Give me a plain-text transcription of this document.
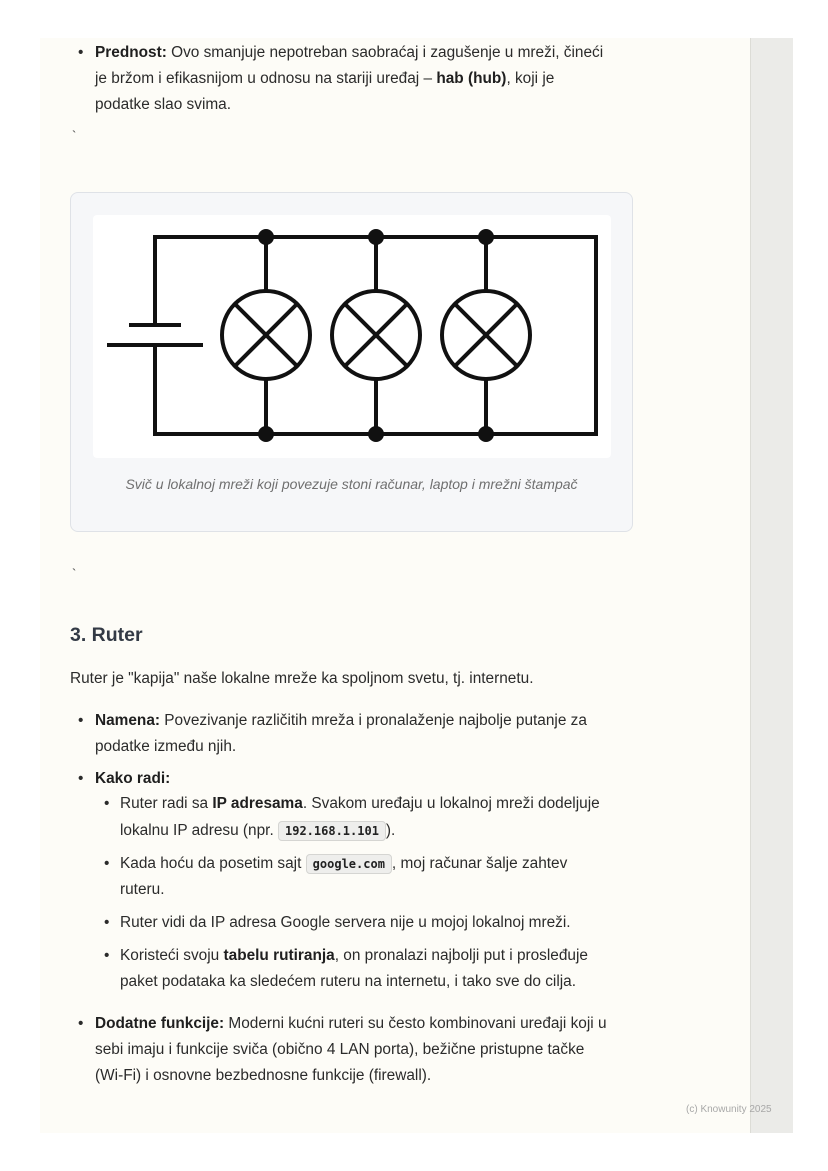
• Prednost: Ovo smanjuje nepotreban saobraćaj i zagušenje u mreži, čineći
je bržom i efikasnijom u odnosu na stariji uređaj – hab (hub), koji je
podatke slao svima.
`
Svič u lokalnoj mreži koji povezuje stoni računar, laptop i mrežni štampač
`
3. Ruter
Ruter je "kapija" naše lokalne mreže ka spoljnom svetu, tj. internetu.
• Namena: Povezivanje različitih mreža i pronalaženje najbolje putanje za
podatke između njih.
• Kako radi:
• Ruter radi sa IP adresama. Svakom uređaju u lokalnoj mreži dodeljuje
lokalnu IP adresu (npr. 192.168.1.101 ).
• Kada hoću da posetim sajt google.com , moj računar šalje zahtev
ruteru.
• Ruter vidi da IP adresa Google servera nije u mojoj lokalnoj mreži.
• Koristeći svoju tabelu rutiranja, on pronalazi najbolji put i prosleđuje
paket podataka ka sledećem ruteru na internetu, i tako sve do cilja.
• Dodatne funkcije: Moderni kućni ruteri su često kombinovani uređaji koji u
sebi imaju i funkcije sviča (obično 4 LAN porta), bežične pristupne tačke
(Wi-Fi) i osnovne bezbednosne funkcije (firewall).
(c) Knowunity 2025
